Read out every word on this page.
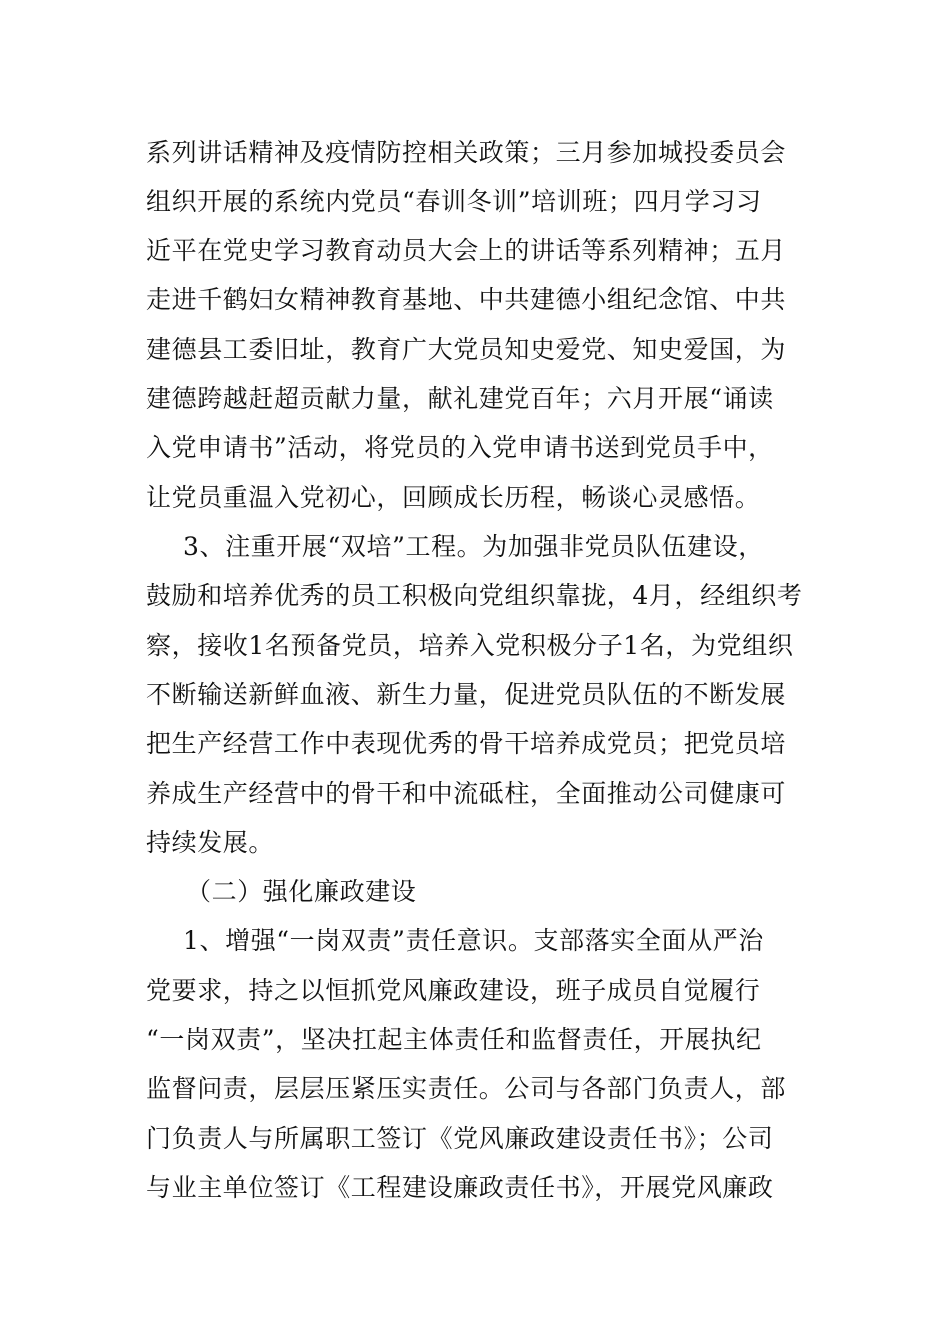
系列讲话精神及疫情防控相关政策；三月参加城投委员会
组织开展的系统内党员“春训冬训”培训班；四月学习习
近平在党史学习教育动员大会上的讲话等系列精神；五月
走进千鹤妇女精神教育基地、中共建德小组纪念馆、中共
建德县工委旧址，教育广大党员知史爱党、知史爱国，为
建德跨越赶超贡献力量，献礼建党百年；六月开展“诵读
入党申请书”活动，将党员的入党申请书送到党员手中，
让党员重温入党初心，回顾成长历程，畅谈心灵感悟。
3、注重开展“双培”工程。为加强非党员队伍建设，
鼓励和培养优秀的员工积极向党组织靠拢，4月，经组织考
察，接收1名预备党员，培养入党积极分子1名，为党组织
不断输送新鲜血液、新生力量，促进党员队伍的不断发展
把生产经营工作中表现优秀的骨干培养成党员；把党员培
养成生产经营中的骨干和中流砥柱，全面推动公司健康可
持续发展。
（二）强化廉政建设
1、增强“一岗双责”责任意识。支部落实全面从严治
党要求，持之以恒抓党风廉政建设，班子成员自觉履行
“一岗双责”，坚决扛起主体责任和监督责任，开展执纪
监督问责，层层压紧压实责任。公司与各部门负责人，部
门负责人与所属职工签订《党风廉政建设责任书》；公司
与业主单位签订《工程建设廉政责任书》，开展党风廉政
